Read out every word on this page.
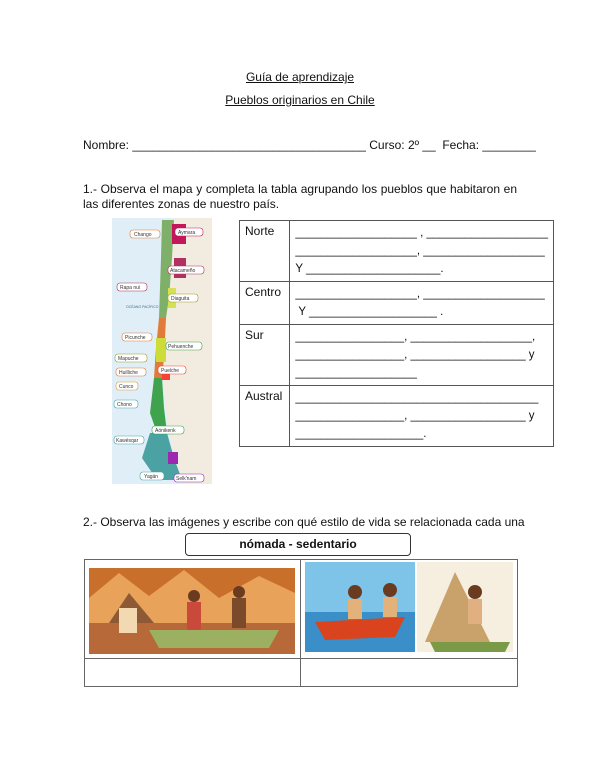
Guía de aprendizaje
Pueblos originarios en Chile
Nombre: ___________________________________ Curso: 2º __  Fecha: ________
1.- Observa el mapa y completa la tabla agrupando los pueblos que habitaron en las diferentes zonas de nuestro país.
OCÉANO PACÍFICO
Chango	Aymara
Atacameño
Rapa nui
Diaguita
Picunche
Pehuenche
Mapuche
Huilliche	Puelche
Cunco
Chono
Aónikenk
Kawésqar
Yagán	Selk'nam
Norte	___________________ , ___________________
___________________, ___________________
Y _____________________.

Centro	___________________, ___________________
Y ____________________ .

Sur	_________________, ___________________,
_________________, __________________ y
___________________

Austral	______________________________________
_________________, __________________ y
____________________.
2.- Observa las imágenes y escribe con qué estilo de vida se relacionada cada una
nómada - sedentario
